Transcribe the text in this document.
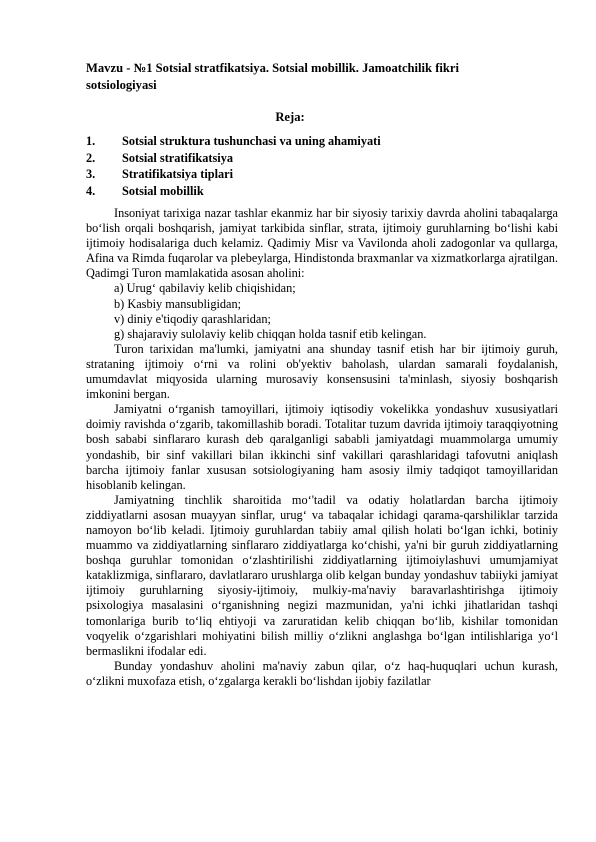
Mavzu - №1 Sotsial stratfikatsiya. Sotsial mobillik. Jamoatchilik fikri sotsiologiyasi
Reja:
1. Sotsial struktura tushunchasi va uning ahamiyati
2. Sotsial stratifikatsiya
3. Stratifikatsiya tiplari
4. Sotsial mobillik

Insoniyat tarixiga nazar tashlar ekanmiz har bir siyosiy tarixiy davrda aholini tabaqalarga bo‘lish orqali boshqarish, jamiyat tarkibida sinflar, strata, ijtimoiy guruhlarning bo‘lishi kabi ijtimoiy hodisalariga duch kelamiz. Qadimiy Misr va Vavilonda aholi zadogonlar va qullarga, Afina va Rimda fuqarolar va plebeylarga, Hindistonda braxmanlar va xizmatkorlarga ajratilgan. Qadimgi Turon mamlakatida asosan aholini:

a) Urug‘ qabilaviy kelib chiqishidan;

b) Kasbiy mansubligidan;

v) diniy e'tiqodiy qarashlaridan;

g) shajaraviy sulolaviy kelib chiqqan holda tasnif etib kelingan.

Turon tarixidan ma'lumki, jamiyatni ana shunday tasnif etish har bir ijtimoiy guruh, strataning ijtimoiy o‘rni va rolini ob'yektiv baholash, ulardan samarali foydalanish, umumdavlat miqyosida ularning murosaviy konsensusini ta'minlash, siyosiy boshqarish imkonini bergan.

Jamiyatni o‘rganish tamoyillari, ijtimoiy iqtisodiy vokelikka yondashuv xususiyatlari doimiy ravishda o‘zgarib, takomillashib boradi. Totalitar tuzum davrida ijtimoiy taraqqiyotning bosh sababi sinflararo kurash deb qaralganligi sababli jamiyatdagi muammolarga umumiy yondashib, bir sinf vakillari bilan ikkinchi sinf vakillari qarashlaridagi tafovutni aniqlash barcha ijtimoiy fanlar xususan sotsiologiyaning ham asosiy ilmiy tadqiqot tamoyillaridan hisoblanib kelingan.

Jamiyatning tinchlik sharoitida mo‘'tadil va odatiy holatlardan barcha ijtimoiy ziddiyatlarni asosan muayyan sinflar, urug‘ va tabaqalar ichidagi qarama-qarshiliklar tarzida namoyon bo‘lib keladi. Ijtimoiy guruhlardan tabiiy amal qilish holati bo‘lgan ichki, botiniy muammo va ziddiyatlarning sinflararo ziddiyatlarga ko‘chishi, ya'ni bir guruh ziddiyatlarning boshqa guruhlar tomonidan o‘zlashtirilishi ziddiyatlarning ijtimoiylashuvi umumjamiyat kataklizmiga, sinflararo, davlatlararo urushlarga olib kelgan bunday yondashuv tabiiyki jamiyat ijtimoiy guruhlarning siyosiy-ijtimoiy, mulkiy-ma'naviy baravarlashtirishga ijtimoiy psixologiya masalasini o‘rganishning negizi mazmunidan, ya'ni ichki jihatlaridan tashqi tomonlariga burib to‘liq ehtiyoji va zaruratidan kelib chiqqan bo‘lib, kishilar tomonidan voqyelik o‘zgarishlari mohiyatini bilish milliy o‘zlikni anglashga bo‘lgan intilishlariga yo‘l bermaslikni ifodalar edi.

Bunday yondashuv aholini ma'naviy zabun qilar, o‘z haq-huquqlari uchun kurash, o‘zlikni muxofaza etish, o‘zgalarga kerakli bo‘lishdan ijobiy fazilatlar
